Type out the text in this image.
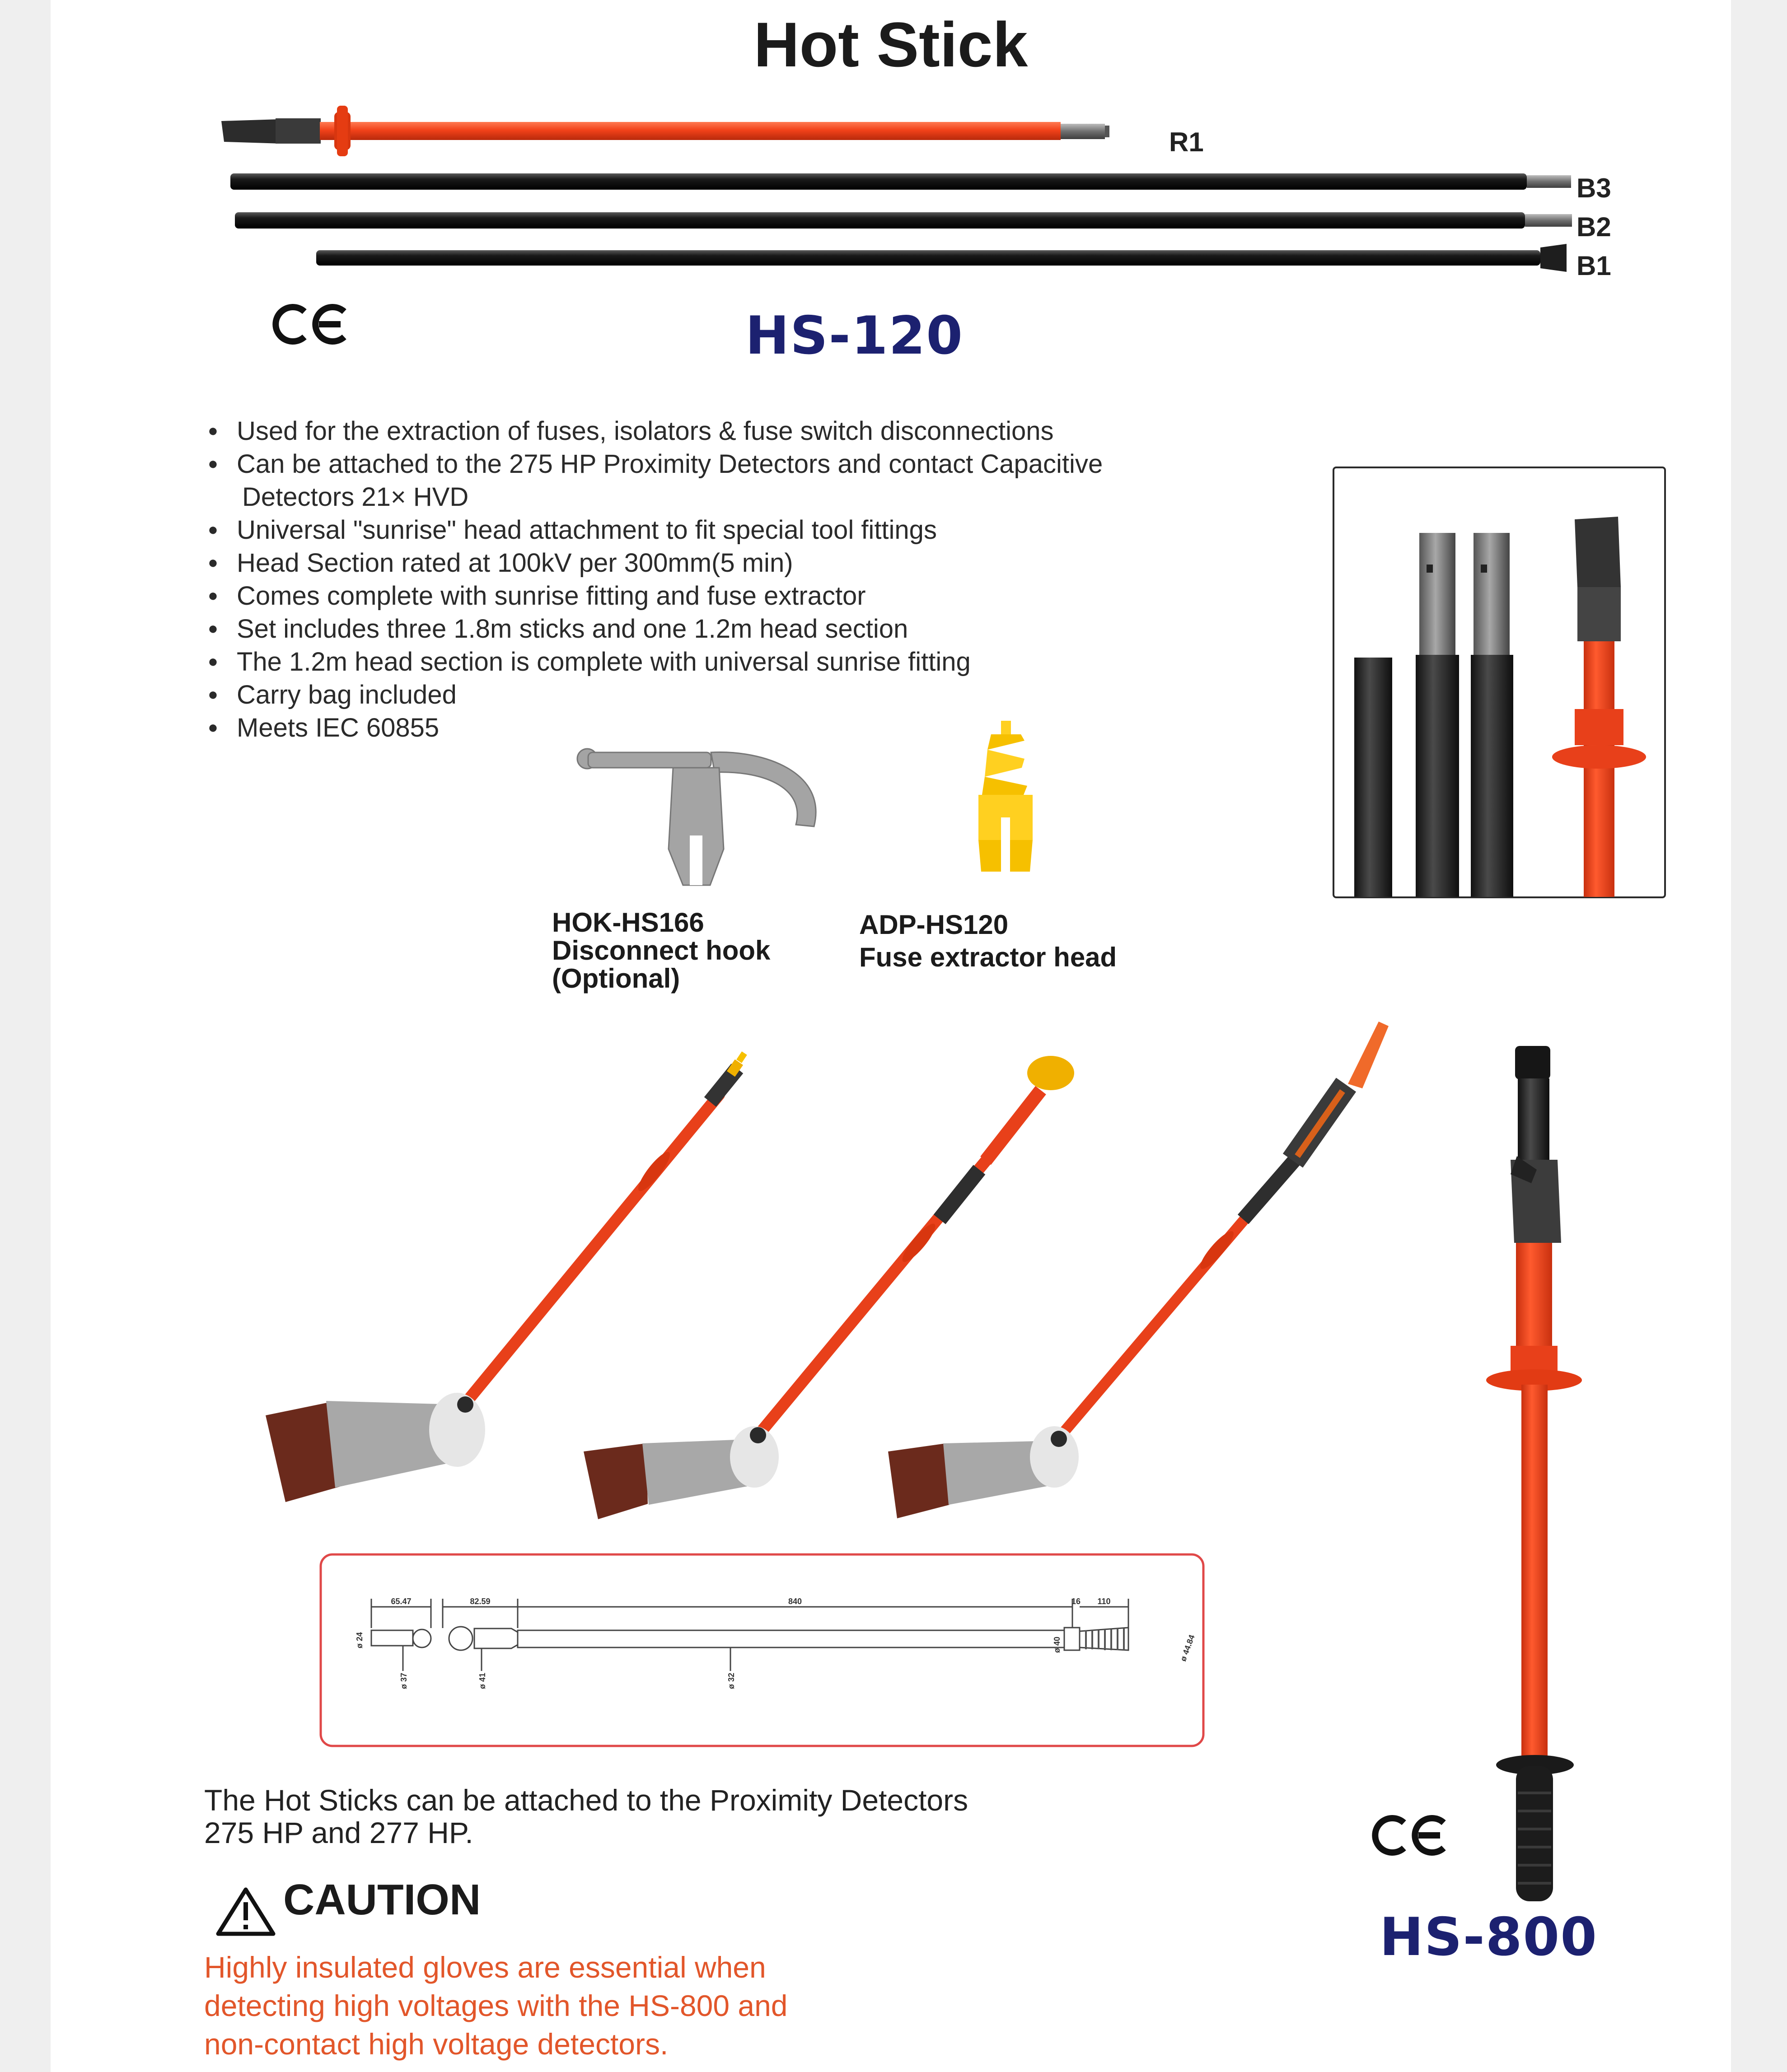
65.47	82.59	840	16 110
ø 24
ø 37	ø 41	ø 32
ø 40	ø 44.84
Hot Stick
R1
B3
B2
B1
HS-120
● Used for the extraction of fuses, isolators & fuse switch disconnections
● Can be attached to the 275 HP Proximity Detectors and contact Capacitive
Detectors 21× HVD
● Universal "sunrise" head attachment to fit special tool fittings
● Head Section rated at 100kV per 300mm(5 min)
● Comes complete with sunrise fitting and fuse extractor
● Set includes three 1.8m sticks and one 1.2m head section
● The 1.2m head section is complete with universal sunrise fitting
● Carry bag included
● Meets IEC 60855
HOK-HS166
Disconnect hook
(Optional)
ADP-HS120
Fuse extractor head
The Hot Sticks can be attached to the Proximity Detectors
275 HP and 277 HP.
CAUTION
Highly insulated gloves are essential when
detecting high voltages with the HS-800 and
non-contact high voltage detectors.
HS-800
